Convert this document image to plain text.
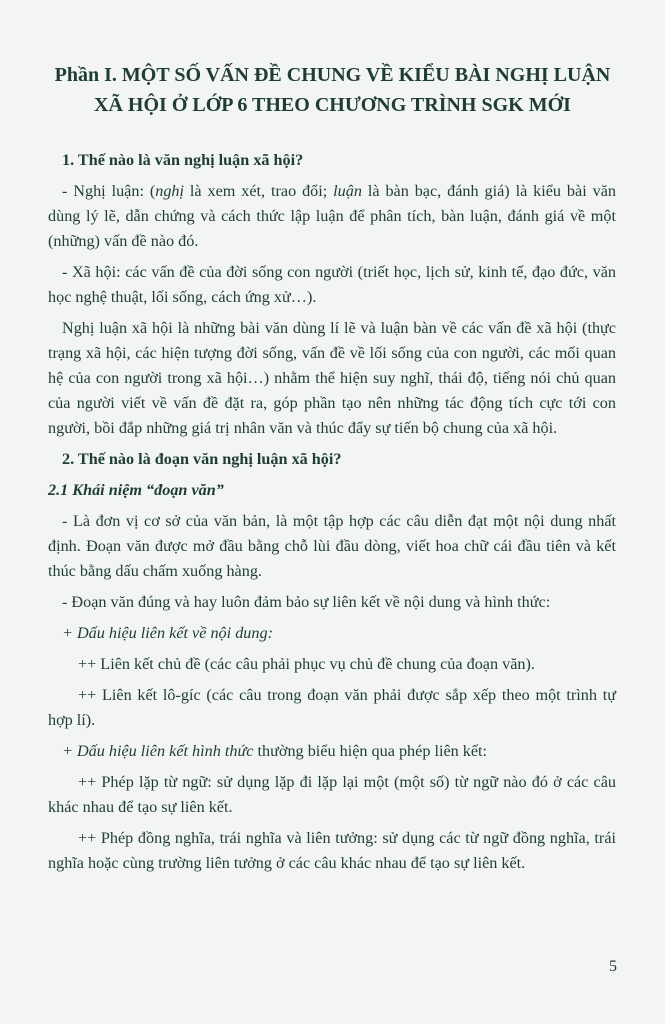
Phần I. MỘT SỐ VẤN ĐỀ CHUNG VỀ KIỂU BÀI NGHỊ LUẬN XÃ HỘI Ở LỚP 6 THEO CHƯƠNG TRÌNH SGK MỚI

1. Thế nào là văn nghị luận xã hội?

- Nghị luận: (nghị là xem xét, trao đổi; luận là bàn bạc, đánh giá) là kiểu bài văn dùng lý lẽ, dẫn chứng và cách thức lập luận để phân tích, bàn luận, đánh giá về một (những) vấn đề nào đó.

- Xã hội: các vấn đề của đời sống con người (triết học, lịch sử, kinh tế, đạo đức, văn học nghệ thuật, lối sống, cách ứng xử…).

Nghị luận xã hội là những bài văn dùng lí lẽ và luận bàn về các vấn đề xã hội (thực trạng xã hội, các hiện tượng đời sống, vấn đề về lối sống của con người, các mối quan hệ của con người trong xã hội…) nhằm thể hiện suy nghĩ, thái độ, tiếng nói chủ quan của người viết về vấn đề đặt ra, góp phần tạo nên những tác động tích cực tới con người, bồi đắp những giá trị nhân văn và thúc đẩy sự tiến bộ chung của xã hội.

2. Thế nào là đoạn văn nghị luận xã hội?

2.1 Khái niệm “đoạn văn”

- Là đơn vị cơ sở của văn bản, là một tập hợp các câu diễn đạt một nội dung nhất định. Đoạn văn được mở đầu bằng chỗ lùi đầu dòng, viết hoa chữ cái đầu tiên và kết thúc bằng dấu chấm xuống hàng.

- Đoạn văn đúng và hay luôn đảm bảo sự liên kết về nội dung và hình thức:

+ Dấu hiệu liên kết về nội dung:

++ Liên kết chủ đề (các câu phải phục vụ chủ đề chung của đoạn văn).

++ Liên kết lô-gíc (các câu trong đoạn văn phải được sắp xếp theo một trình tự hợp lí).

+ Dấu hiệu liên kết hình thức thường biểu hiện qua phép liên kết:

++ Phép lặp từ ngữ: sử dụng lặp đi lặp lại một (một số) từ ngữ nào đó ở các câu khác nhau để tạo sự liên kết.

++ Phép đồng nghĩa, trái nghĩa và liên tưởng: sử dụng các từ ngữ đồng nghĩa, trái nghĩa hoặc cùng trường liên tưởng ở các câu khác nhau để tạo sự liên kết.

5
